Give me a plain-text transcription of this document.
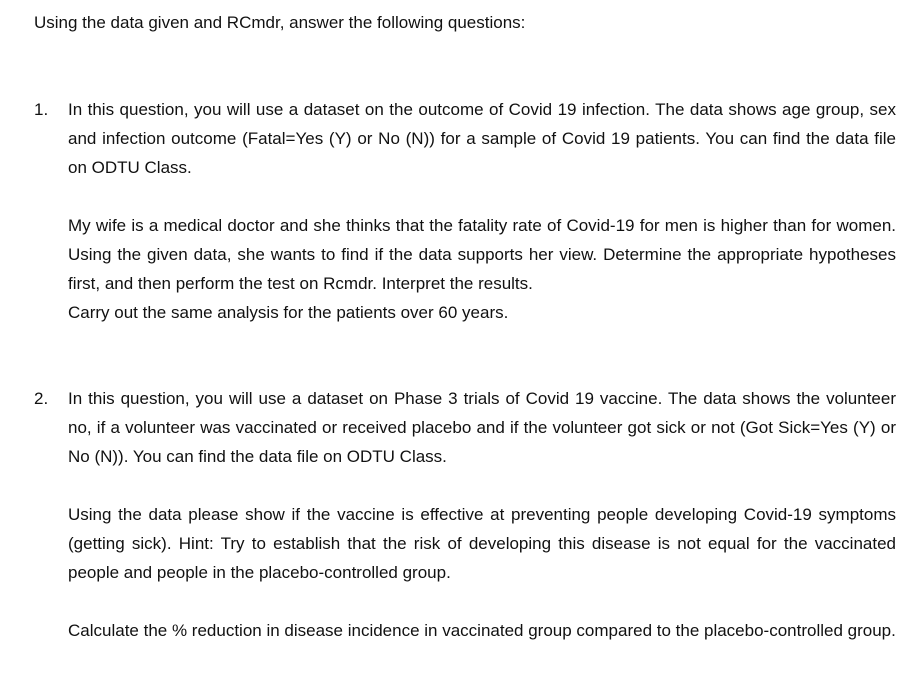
Using the data given and RCmdr, answer the following questions:

1.	In this question, you will use a dataset on the outcome of Covid 19 infection. The data shows age group, sex and infection outcome (Fatal=Yes (Y) or No (N)) for a sample of Covid 19 patients. You can find the data file on ODTU Class.

My wife is a medical doctor and she thinks that the fatality rate of Covid-19 for men is higher than for women. Using the given data, she wants to find if the data supports her view. Determine the appropriate hypotheses first, and then perform the test on Rcmdr. Interpret the results.

Carry out the same analysis for the patients over 60 years.

2.	In this question, you will use a dataset on Phase 3 trials of Covid 19 vaccine. The data shows the volunteer no, if a volunteer was vaccinated or received placebo and if the volunteer got sick or not (Got Sick=Yes (Y) or No (N)). You can find the data file on ODTU Class.

Using the data please show if the vaccine is effective at preventing people developing Covid-19 symptoms (getting sick). Hint: Try to establish that the risk of developing this disease is not equal for the vaccinated people and people in the placebo-controlled group.

Calculate the % reduction in disease incidence in vaccinated group compared to the placebo-controlled group.
